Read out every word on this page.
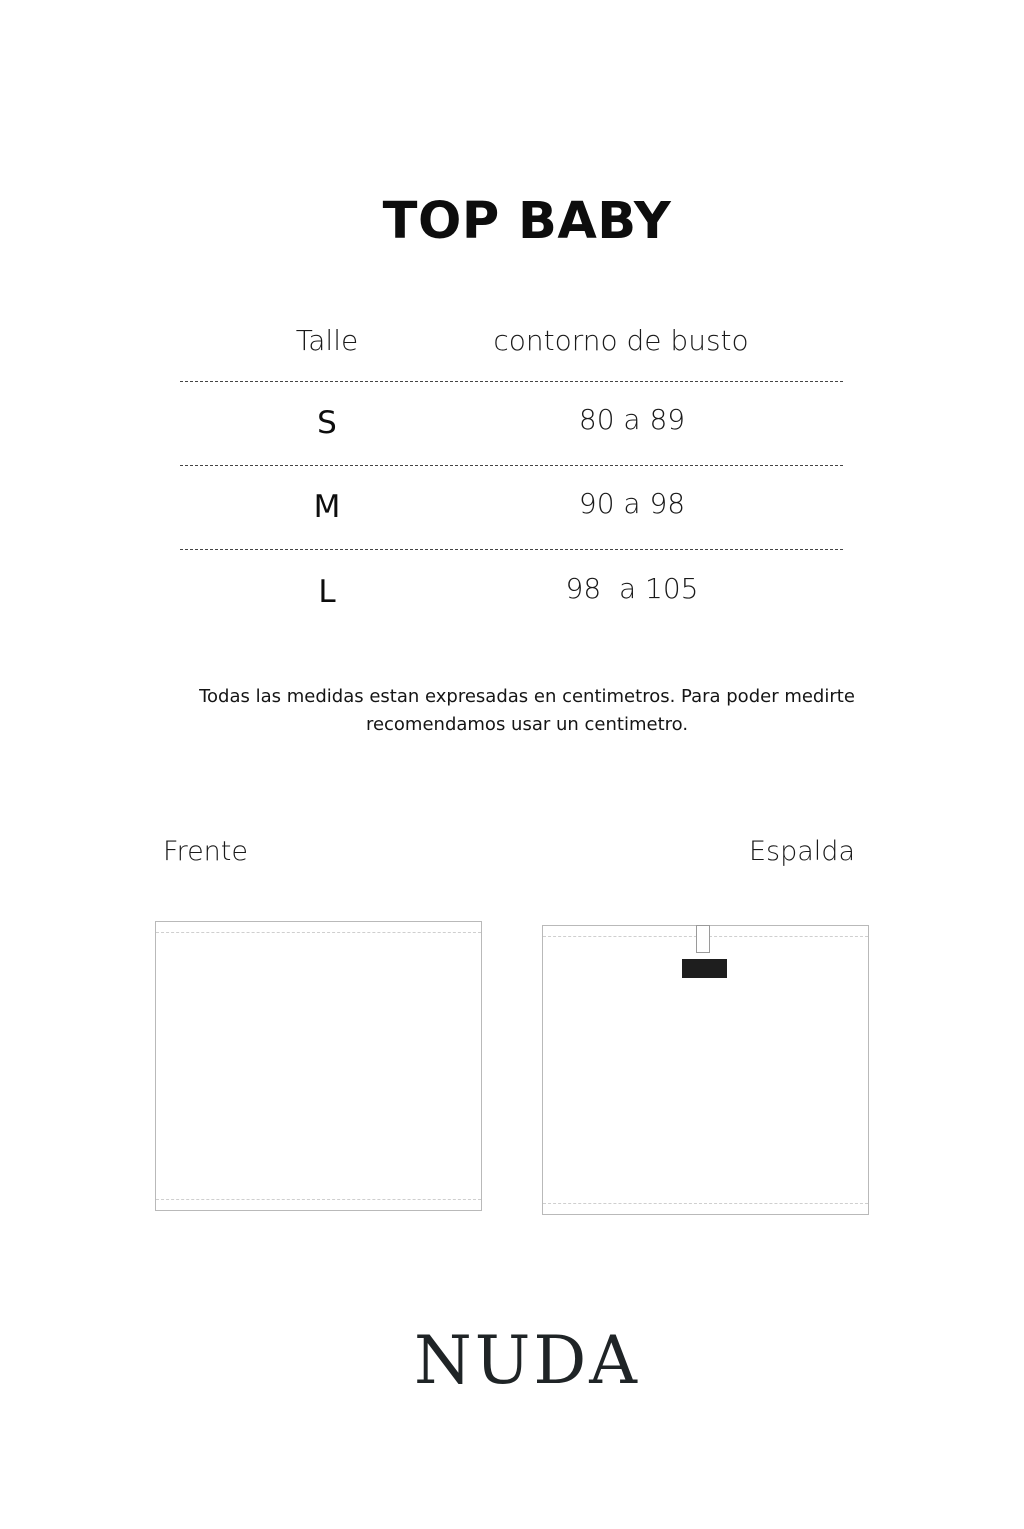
TOP BABY
Talle	contorno de busto
S	80 a 89
M	90 a 98
L	98  a 105
Todas las medidas estan expresadas en centimetros. Para poder medirte
recomendamos usar un centimetro.
Frente	Espalda
NUDA
